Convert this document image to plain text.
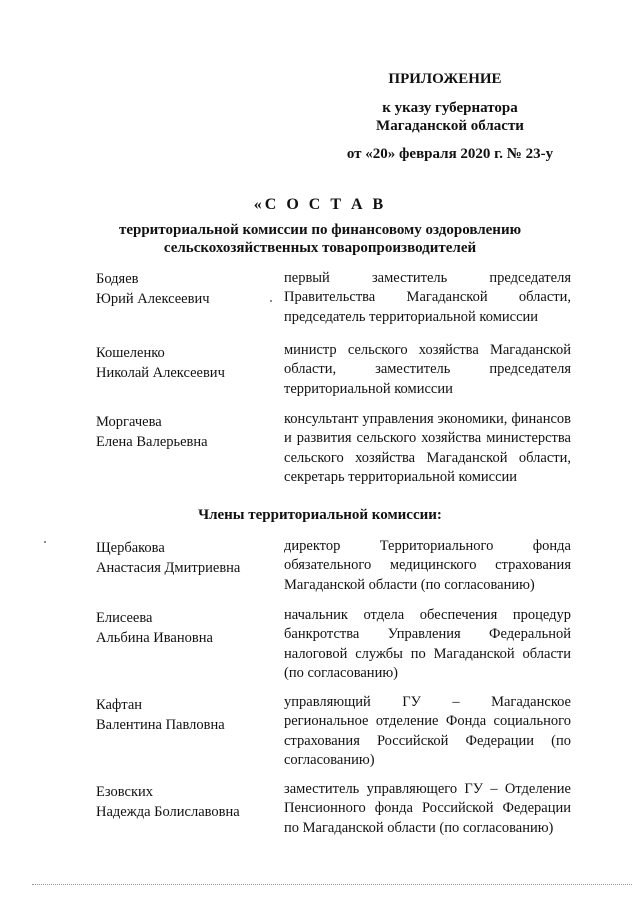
ПРИЛОЖЕНИЕ
к указу губернатора
Магаданской области
от «20» февраля 2020 г. № 23-у
«С О С Т А В
территориальной комиссии по финансовому оздоровлению
сельскохозяйственных товаропроизводителей
Бодяев
Юрий Алексеевич
первый заместитель председателя Правительства Магаданской области, председатель территориальной комиссии
Кошеленко
Николай Алексеевич
министр сельского хозяйства Магаданской области, заместитель председателя территориальной комиссии
Моргачева
Елена Валерьевна
консультант управления экономики, финансов и развития сельского хозяйства министерства сельского хозяйства Магаданской области, секретарь территориальной комиссии
Члены территориальной комиссии:
Щербакова
Анастасия Дмитриевна
директор Территориального фонда обязательного медицинского страхования Магаданской области (по согласованию)
Елисеева
Альбина Ивановна
начальник отдела обеспечения процедур банкротства Управления Федеральной налоговой службы по Магаданской области (по согласованию)
Кафтан
Валентина Павловна
управляющий ГУ – Магаданское региональное отделение Фонда социального страхования Российской Федерации (по согласованию)
Езовских
Надежда Болиславовна
заместитель управляющего ГУ – Отделение Пенсионного фонда Российской Федерации по Магаданской области (по согласованию)
